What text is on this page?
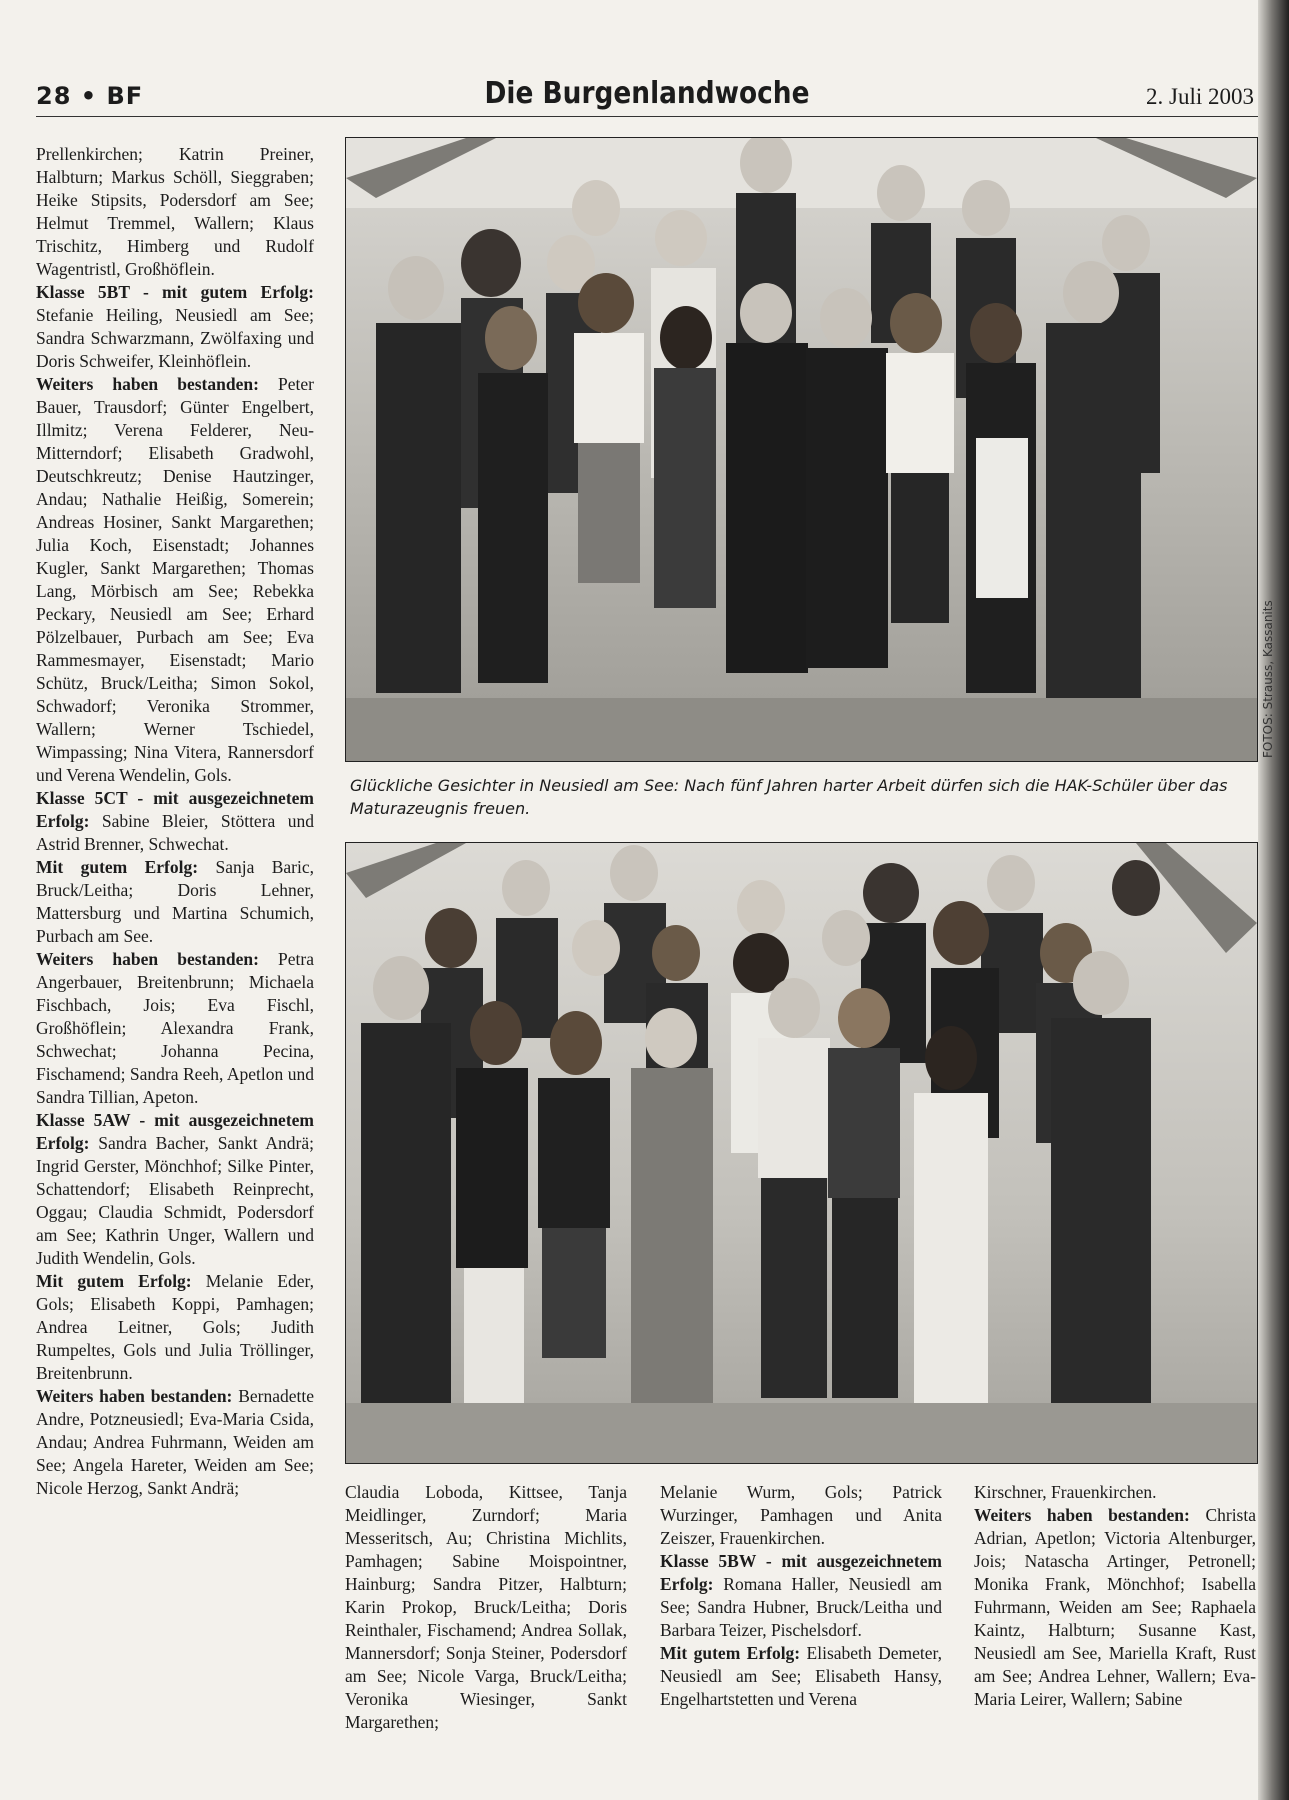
28 • BF	Die Burgenlandwoche	2. Juli 2003

Prellenkirchen; Katrin Preiner, Halbturn; Markus Schöll, Sieggraben; Heike Stipsits, Podersdorf am See; Helmut Tremmel, Wallern; Klaus Trischitz, Himberg und Rudolf Wagentristl, Großhöflein.

Klasse 5BT - mit gutem Erfolg: Stefanie Heiling, Neusiedl am See; Sandra Schwarzmann, Zwölfaxing und Doris Schweifer, Kleinhöflein.

Weiters haben bestanden: Peter Bauer, Trausdorf; Günter Engelbert, Illmitz; Verena Felderer, Neu-Mitterndorf; Elisabeth Gradwohl, Deutschkreutz; Denise Hautzinger, Andau; Nathalie Heißig, Somerein; Andreas Hosiner, Sankt Margarethen; Julia Koch, Eisenstadt; Johannes Kugler, Sankt Margarethen; Thomas Lang, Mörbisch am See; Rebekka Peckary, Neusiedl am See; Erhard Pölzelbauer, Purbach am See; Eva Rammesmayer, Eisenstadt; Mario Schütz, Bruck/Leitha; Simon Sokol, Schwadorf; Veronika Strommer, Wallern; Werner Tschiedel, Wimpassing; Nina Vitera, Rannersdorf und Verena Wendelin, Gols.

Klasse 5CT - mit ausgezeichnetem Erfolg: Sabine Bleier, Stöttera und Astrid Brenner, Schwechat.

Mit gutem Erfolg: Sanja Baric, Bruck/Leitha; Doris Lehner, Mattersburg und Martina Schumich, Purbach am See.

Weiters haben bestanden: Petra Angerbauer, Breitenbrunn; Michaela Fischbach, Jois; Eva Fischl, Großhöflein; Alexandra Frank, Schwechat; Johanna Pecina, Fischamend; Sandra Reeh, Apetlon und Sandra Tillian, Apeton.

Klasse 5AW - mit ausgezeichnetem Erfolg: Sandra Bacher, Sankt Andrä; Ingrid Gerster, Mönchhof; Silke Pinter, Schattendorf; Elisabeth Reinprecht, Oggau; Claudia Schmidt, Podersdorf am See; Kathrin Unger, Wallern und Judith Wendelin, Gols.

Mit gutem Erfolg: Melanie Eder, Gols; Elisabeth Koppi, Pamhagen; Andrea Leitner, Gols; Judith Rumpeltes, Gols und Julia Tröllinger, Breitenbrunn.

Weiters haben bestanden: Bernadette Andre, Potzneusiedl; Eva-Maria Csida, Andau; Andrea Fuhrmann, Weiden am See; Angela Hareter, Weiden am See; Nicole Herzog, Sankt Andrä;

FOTOS: Strauss, Kassanits
Glückliche Gesichter in Neusiedl am See: Nach fünf Jahren harter Arbeit dürfen sich die HAK-Schüler über das Maturazeugnis freuen.

Claudia Loboda, Kittsee, Tanja Meidlinger, Zurndorf; Maria Messeritsch, Au; Christina Michlits, Pamhagen; Sabine Moispointner, Hainburg; Sandra Pitzer, Halbturn; Karin Prokop, Bruck/Leitha; Doris Reinthaler, Fischamend; Andrea Sollak, Mannersdorf; Sonja Steiner, Podersdorf am See; Nicole Varga, Bruck/Leitha; Veronika Wiesinger, Sankt Margarethen;

Melanie Wurm, Gols; Patrick Wurzinger, Pamhagen und Anita Zeiszer, Frauenkirchen.

Klasse 5BW - mit ausgezeichnetem Erfolg: Romana Haller, Neusiedl am See; Sandra Hubner, Bruck/Leitha und Barbara Teizer, Pischelsdorf.

Mit gutem Erfolg: Elisabeth Demeter, Neusiedl am See; Elisabeth Hansy, Engelhartstetten und Verena

Kirschner, Frauenkirchen.

Weiters haben bestanden: Christa Adrian, Apetlon; Victoria Altenburger, Jois; Natascha Artinger, Petronell; Monika Frank, Mönchhof; Isabella Fuhrmann, Weiden am See; Raphaela Kaintz, Halbturn; Susanne Kast, Neusiedl am See, Mariella Kraft, Rust am See; Andrea Lehner, Wallern; Eva-Maria Leirer, Wallern; Sabine
